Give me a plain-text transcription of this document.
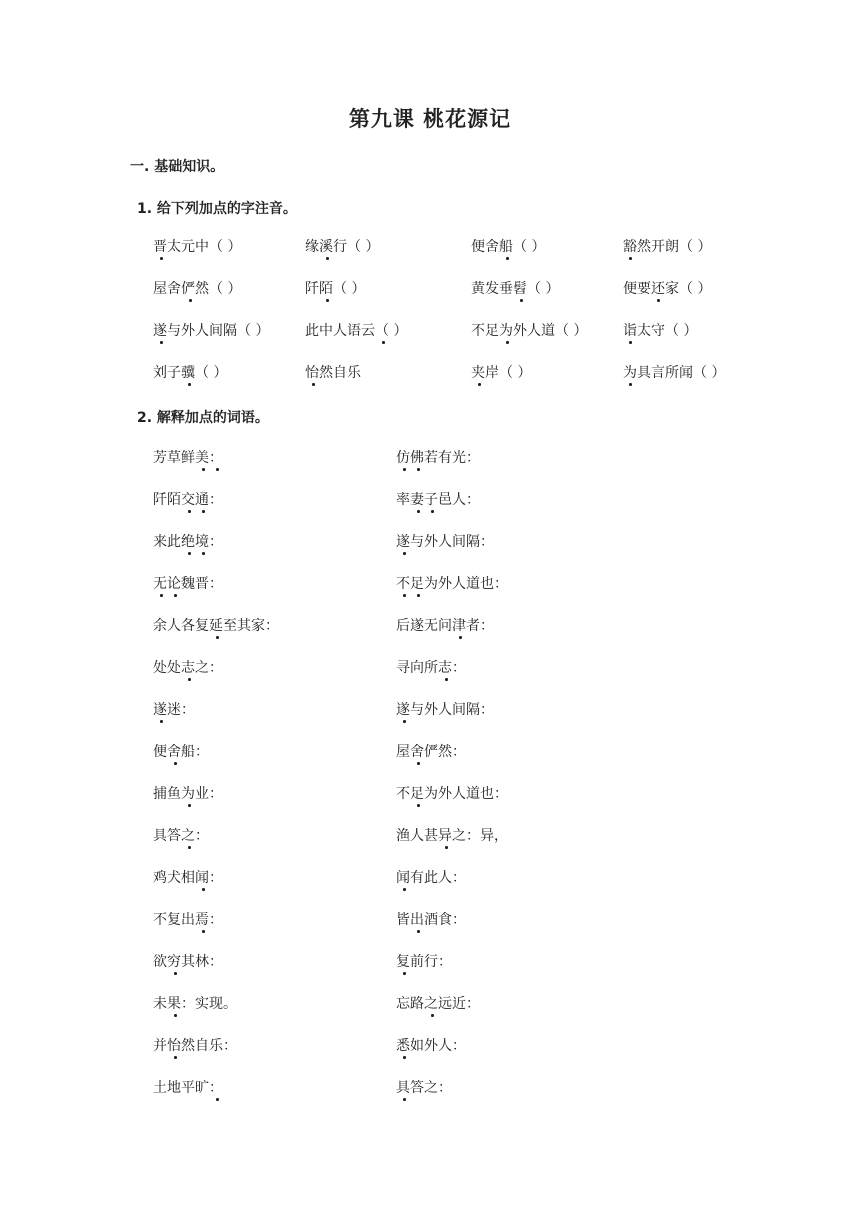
第九课 桃花源记
一. 基础知识。
1. 给下列加点的字注音。
晋太元中（ ）	缘溪行（ ）	便舍船（ ）	豁然开朗（ ）
屋舍俨然（ ）	阡陌（ ）	黄发垂髫（ ）	便要还家（ ）
遂与外人间隔（ ）	此中人语云（ ）	不足为外人道（ ）	诣太守（ ）
刘子骥（ ）	怡然自乐	夹岸（ ）	为具言所闻（ ）
2. 解释加点的词语。
芳草鲜美：	仿佛若有光：
阡陌交通：	率妻子邑人：
来此绝境：	遂与外人间隔：
无论魏晋：	不足为外人道也：
余人各复延至其家：	后遂无问津者：
处处志之：	寻向所志：
遂迷：	遂与外人间隔：
便舍船：	屋舍俨然：
捕鱼为业：	不足为外人道也：
具答之：	渔人甚异之：异，
鸡犬相闻：	闻有此人：
不复出焉：	皆出酒食：
欲穷其林：	复前行：
未果：实现。	忘路之远近：
并怡然自乐：	悉如外人：
土地平旷：	具答之：
